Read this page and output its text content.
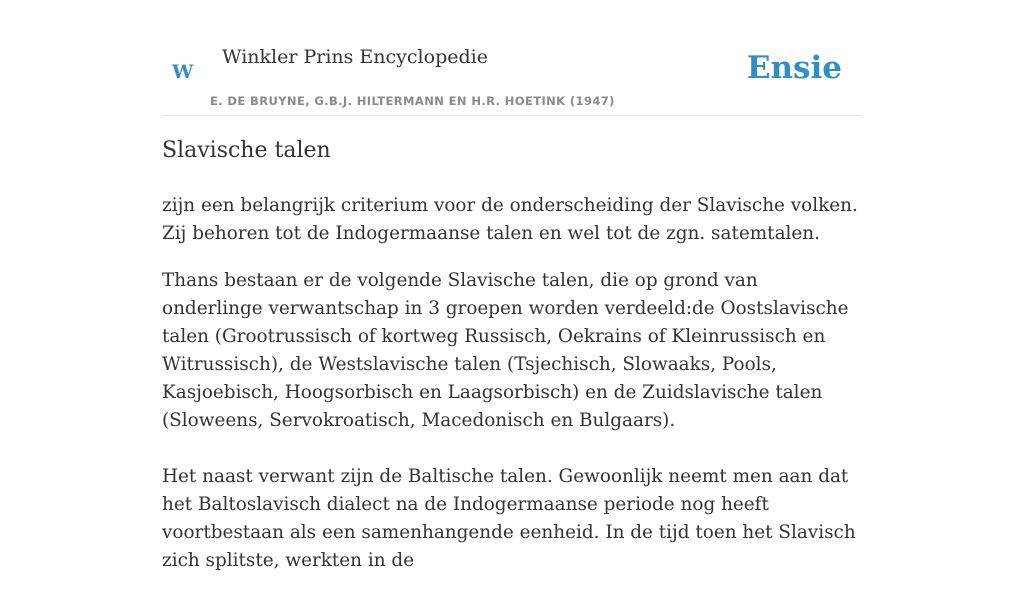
w Winkler Prins Encyclopedie
E. DE BRUYNE, G.B.J. HILTERMANN EN H.R. HOETINK (1947)
Ensie
Slavische talen

zijn een belangrijk criterium voor de onderscheiding der Slavische volken. Zij behoren tot de Indogermaanse talen en wel tot de zgn. satemtalen.

Thans bestaan er de volgende Slavische talen, die op grond van onderlinge verwantschap in 3 groepen worden verdeeld:de Oostslavische talen (Grootrussisch of kortweg Russisch, Oekrains of Kleinrussisch en Witrussisch), de Westslavische talen (Tsjechisch, Slowaaks, Pools, Kasjoebisch, Hoogsorbisch en Laagsorbisch) en de Zuidslavische talen (Sloweens, Servokroatisch, Macedonisch en Bulgaars).

Het naast verwant zijn de Baltische talen. Gewoonlijk neemt men aan dat het Baltoslavisch dialect na de Indogermaanse periode nog heeft voortbestaan als een samenhangende eenheid. In de tijd toen het Slavisch zich splitste, werkten in de
